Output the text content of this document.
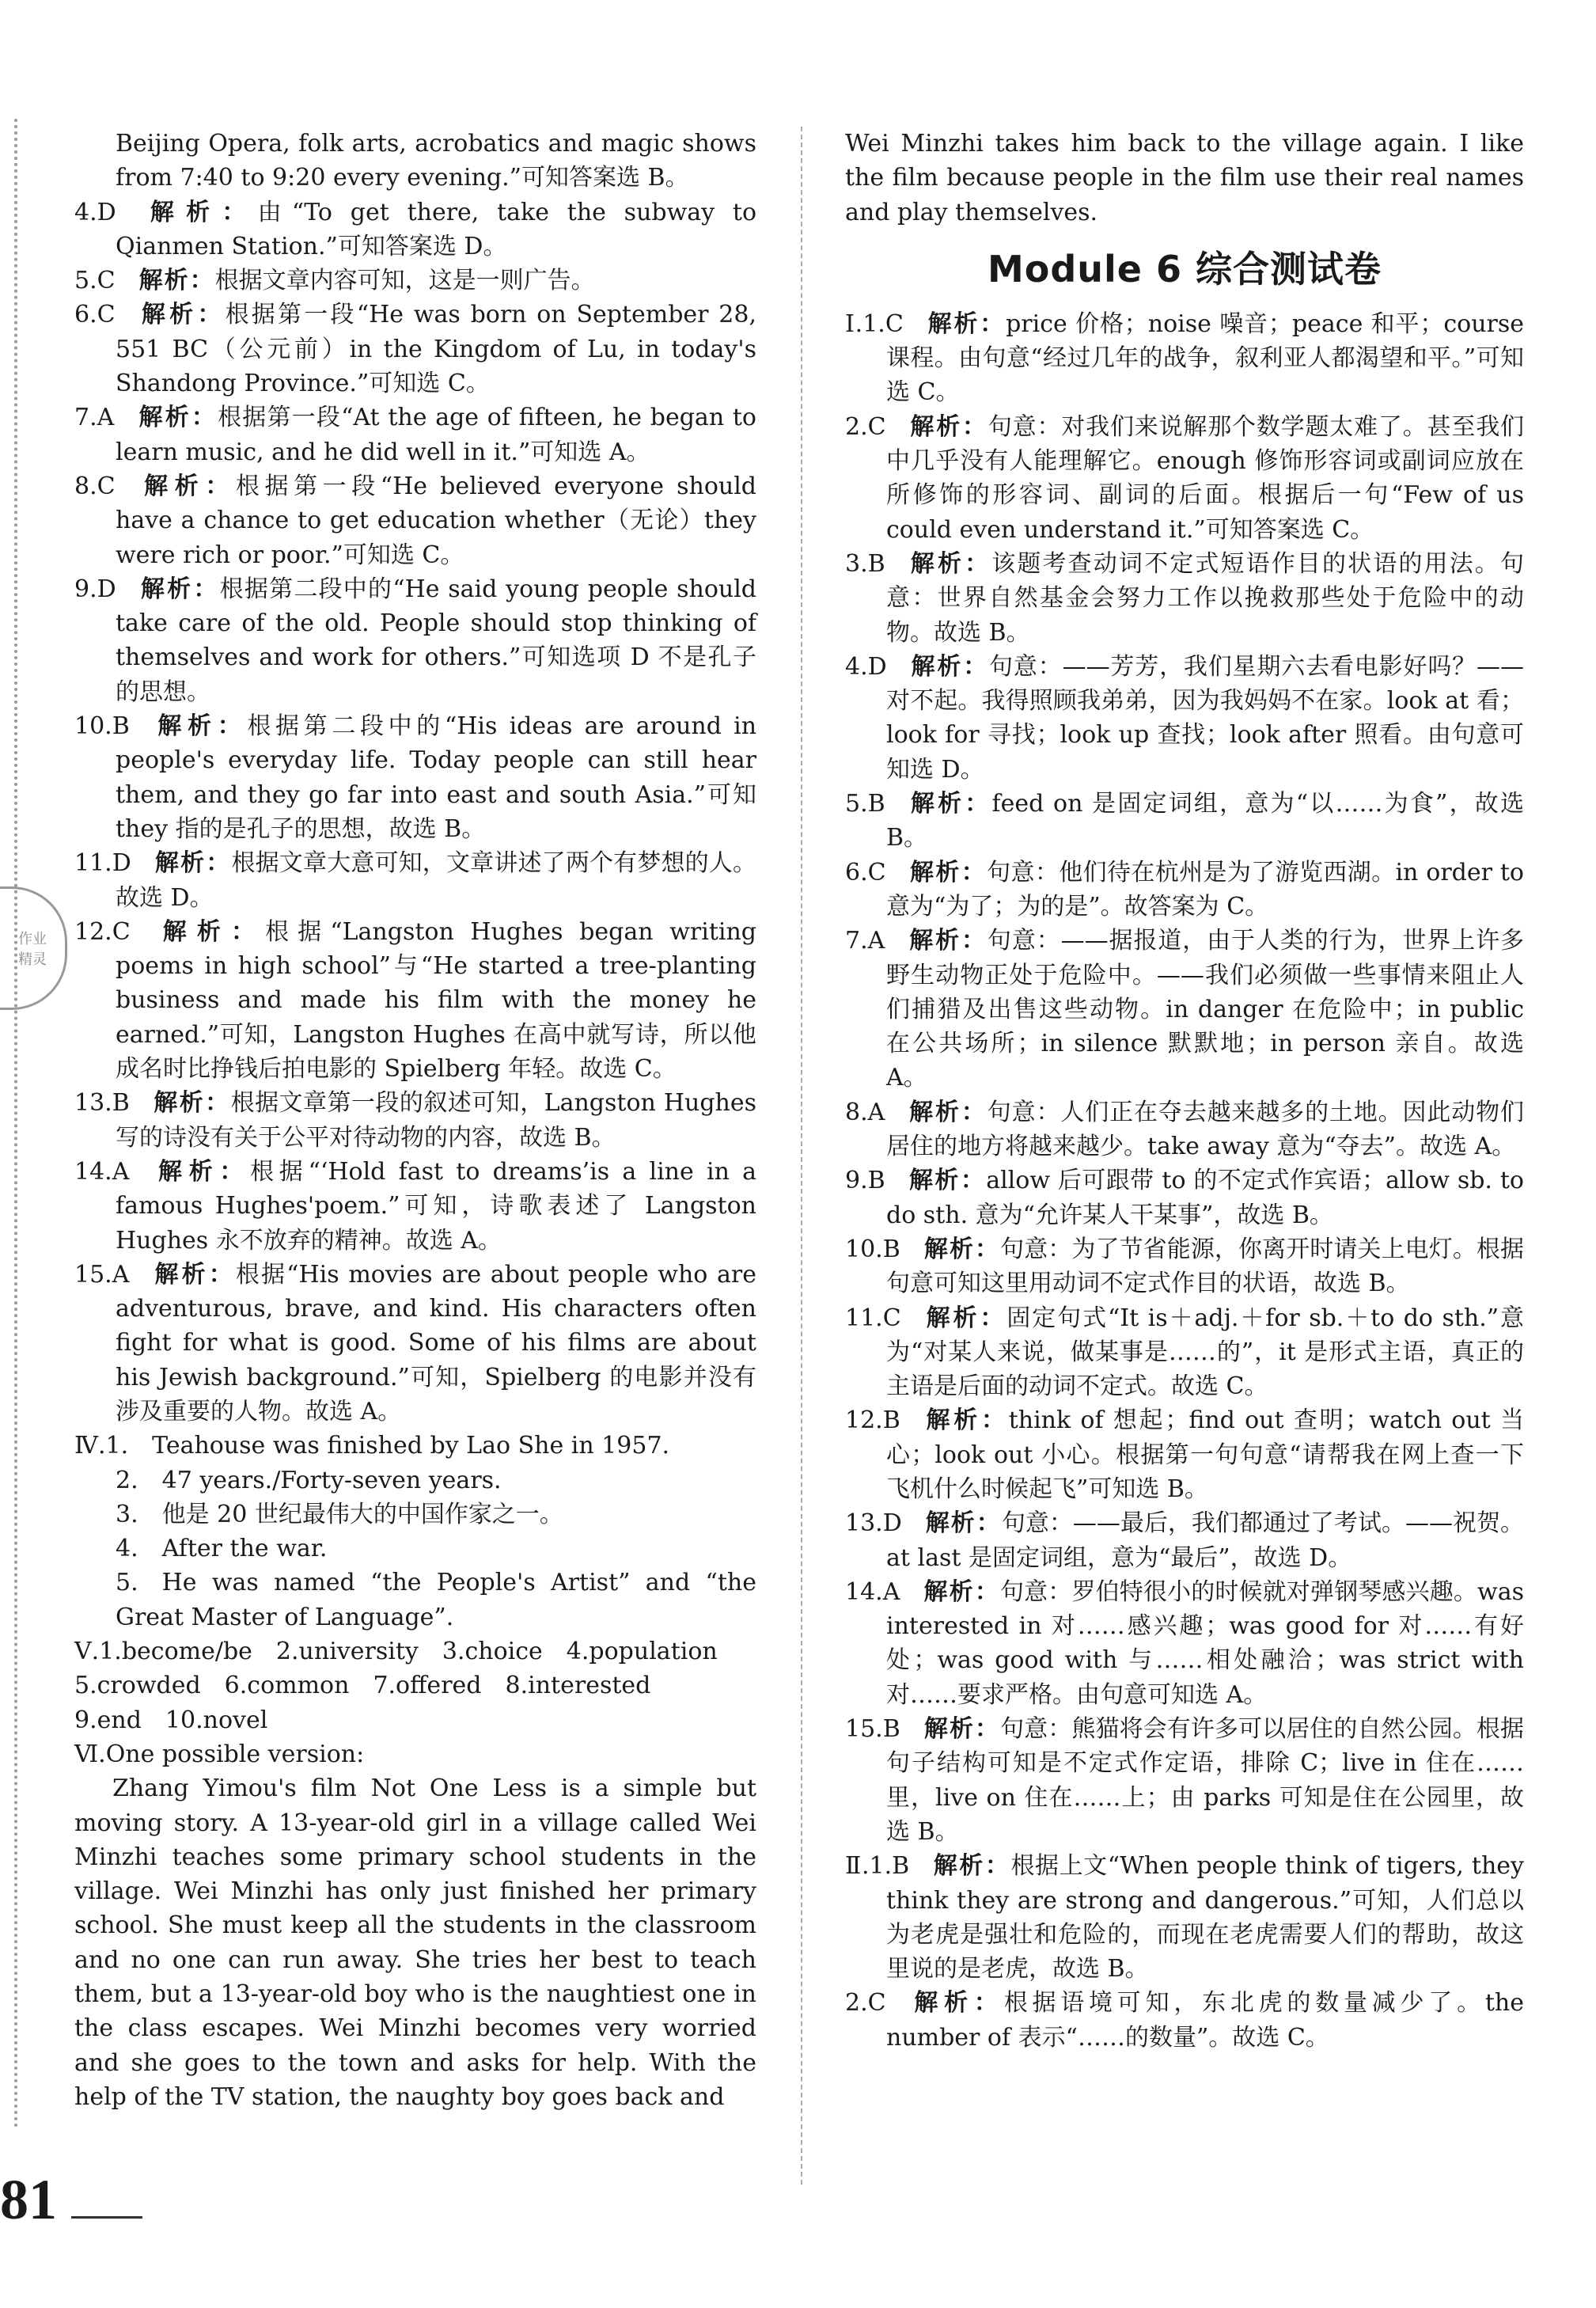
作业
精灵

Beijing Opera, folk arts, acrobatics and magic shows from 7:40 to 9:20 every evening.”可知答案选 B。

4.D  解析：由“To get there, take the subway to Qianmen Station.”可知答案选 D。

5.C  解析：根据文章内容可知，这是一则广告。

6.C  解析：根据第一段“He was born on September 28, 551 BC（公元前）in the Kingdom of Lu, in today's Shandong Province.”可知选 C。

7.A  解析：根据第一段“At the age of fifteen, he began to learn music, and he did well in it.”可知选 A。

8.C  解析：根据第一段“He believed everyone should have a chance to get education whether（无论）they were rich or poor.”可知选 C。

9.D  解析：根据第二段中的“He said young people should take care of the old. People should stop thinking of themselves and work for others.”可知选项 D 不是孔子的思想。

10.B  解析：根据第二段中的“His ideas are around in people's everyday life. Today people can still hear them, and they go far into east and south Asia.”可知 they 指的是孔子的思想，故选 B。

11.D  解析：根据文章大意可知，文章讲述了两个有梦想的人。故选 D。

12.C  解析：根据“Langston Hughes began writing poems in high school”与“He started a tree-planting business and made his film with the money he earned.”可知，Langston Hughes 在高中就写诗，所以他成名时比挣钱后拍电影的 Spielberg 年轻。故选 C。

13.B  解析：根据文章第一段的叙述可知，Langston Hughes 写的诗没有关于公平对待动物的内容，故选 B。

14.A  解析：根据“‘Hold fast to dreams’is a line in a famous Hughes'poem.”可知，诗歌表述了 Langston Hughes 永不放弃的精神。故选 A。

15.A  解析：根据“His movies are about people who are adventurous, brave, and kind. His characters often fight for what is good. Some of his films are about his Jewish background.”可知，Spielberg 的电影并没有涉及重要的人物。故选 A。

Ⅳ.1.  Teahouse was finished by Lao She in 1957.

2.  47 years./Forty-seven years.

3.  他是 20 世纪最伟大的中国作家之一。

4.  After the war.

5.  He was named “the People's Artist” and “the Great Master of Language”.

Ⅴ.1.become/be 2.university 3.choice 4.population
5.crowded 6.common 7.offered 8.interested
9.end 10.novel

Ⅵ.One possible version:

Zhang Yimou's film Not One Less is a simple but moving story. A 13-year-old girl in a village called Wei Minzhi teaches some primary school students in the village. Wei Minzhi has only just finished her primary school. She must keep all the students in the classroom and no one can run away. She tries her best to teach them, but a 13-year-old boy who is the naughtiest one in the class escapes. Wei Minzhi becomes very worried and she goes to the town and asks for help. With the help of the TV station, the naughty boy goes back and

Wei Minzhi takes him back to the village again. I like the film because people in the film use their real names and play themselves.

Module 6 综合测试卷

Ⅰ.1.C  解析：price 价格；noise 噪音；peace 和平；course 课程。由句意“经过几年的战争，叙利亚人都渴望和平。”可知选 C。

2.C  解析：句意：对我们来说解那个数学题太难了。甚至我们中几乎没有人能理解它。enough 修饰形容词或副词应放在所修饰的形容词、副词的后面。根据后一句“Few of us could even understand it.”可知答案选 C。

3.B  解析：该题考查动词不定式短语作目的状语的用法。句意：世界自然基金会努力工作以挽救那些处于危险中的动物。故选 B。

4.D  解析：句意：——芳芳，我们星期六去看电影好吗？——对不起。我得照顾我弟弟，因为我妈妈不在家。look at 看；look for 寻找；look up 查找；look after 照看。由句意可知选 D。

5.B  解析：feed on 是固定词组，意为“以……为食”，故选 B。

6.C  解析：句意：他们待在杭州是为了游览西湖。in order to 意为“为了；为的是”。故答案为 C。

7.A  解析：句意：——据报道，由于人类的行为，世界上许多野生动物正处于危险中。——我们必须做一些事情来阻止人们捕猎及出售这些动物。in danger 在危险中；in public 在公共场所；in silence 默默地；in person 亲自。故选 A。

8.A  解析：句意：人们正在夺去越来越多的土地。因此动物们居住的地方将越来越少。take away 意为“夺去”。故选 A。

9.B  解析：allow 后可跟带 to 的不定式作宾语；allow sb. to do sth. 意为“允许某人干某事”，故选 B。

10.B  解析：句意：为了节省能源，你离开时请关上电灯。根据句意可知这里用动词不定式作目的状语，故选 B。

11.C  解析：固定句式“It is＋adj.＋for sb.＋to do sth.”意为“对某人来说，做某事是……的”，it 是形式主语，真正的主语是后面的动词不定式。故选 C。

12.B  解析：think of 想起；find out 查明；watch out 当心；look out 小心。根据第一句句意“请帮我在网上查一下飞机什么时候起飞”可知选 B。

13.D  解析：句意：——最后，我们都通过了考试。——祝贺。at last 是固定词组，意为“最后”，故选 D。

14.A  解析：句意：罗伯特很小的时候就对弹钢琴感兴趣。was interested in 对……感兴趣；was good for 对……有好处；was good with 与……相处融洽；was strict with 对……要求严格。由句意可知选 A。

15.B  解析：句意：熊猫将会有许多可以居住的自然公园。根据句子结构可知是不定式作定语，排除 C；live in 住在……里，live on 住在……上；由 parks 可知是住在公园里，故选 B。

Ⅱ.1.B  解析：根据上文“When people think of tigers, they think they are strong and dangerous.”可知，人们总以为老虎是强壮和危险的，而现在老虎需要人们的帮助，故这里说的是老虎，故选 B。

2.C  解析：根据语境可知，东北虎的数量减少了。the number of 表示“……的数量”。故选 C。

81
